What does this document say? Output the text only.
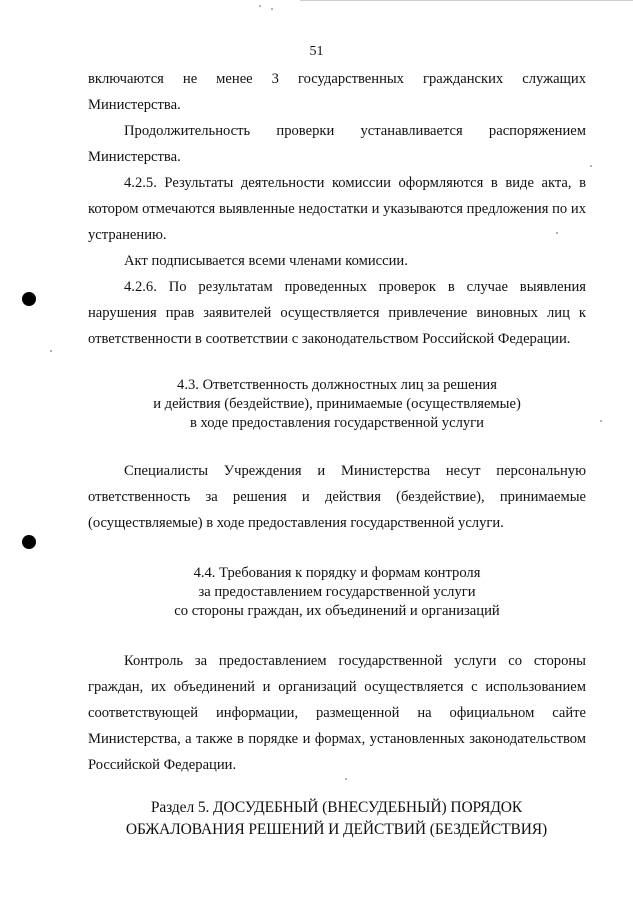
51

включаются не менее 3 государственных гражданских служащих Министерства.

Продолжительность проверки устанавливается распоряжением Министерства.

4.2.5. Результаты деятельности комиссии оформляются в виде акта, в котором отмечаются выявленные недостатки и указываются предложения по их устранению.

Акт подписывается всеми членами комиссии.

4.2.6. По результатам проведенных проверок в случае выявления нарушения прав заявителей осуществляется привлечение виновных лиц к ответственности в соответствии с законодательством Российской Федерации.

4.3. Ответственность должностных лиц за решения
и действия (бездействие), принимаемые (осуществляемые)
в ходе предоставления государственной услуги

Специалисты Учреждения и Министерства несут персональную ответственность за решения и действия (бездействие), принимаемые (осуществляемые) в ходе предоставления государственной услуги.

4.4. Требования к порядку и формам контроля
за предоставлением государственной услуги
со стороны граждан, их объединений и организаций

Контроль за предоставлением государственной услуги со стороны граждан, их объединений и организаций осуществляется с использованием соответствующей информации, размещенной на официальном сайте Министерства, а также в порядке и формах, установленных законодательством Российской Федерации.

Раздел 5. ДОСУДЕБНЫЙ (ВНЕСУДЕБНЫЙ) ПОРЯДОК
ОБЖАЛОВАНИЯ РЕШЕНИЙ И ДЕЙСТВИЙ (БЕЗДЕЙСТВИЯ)
